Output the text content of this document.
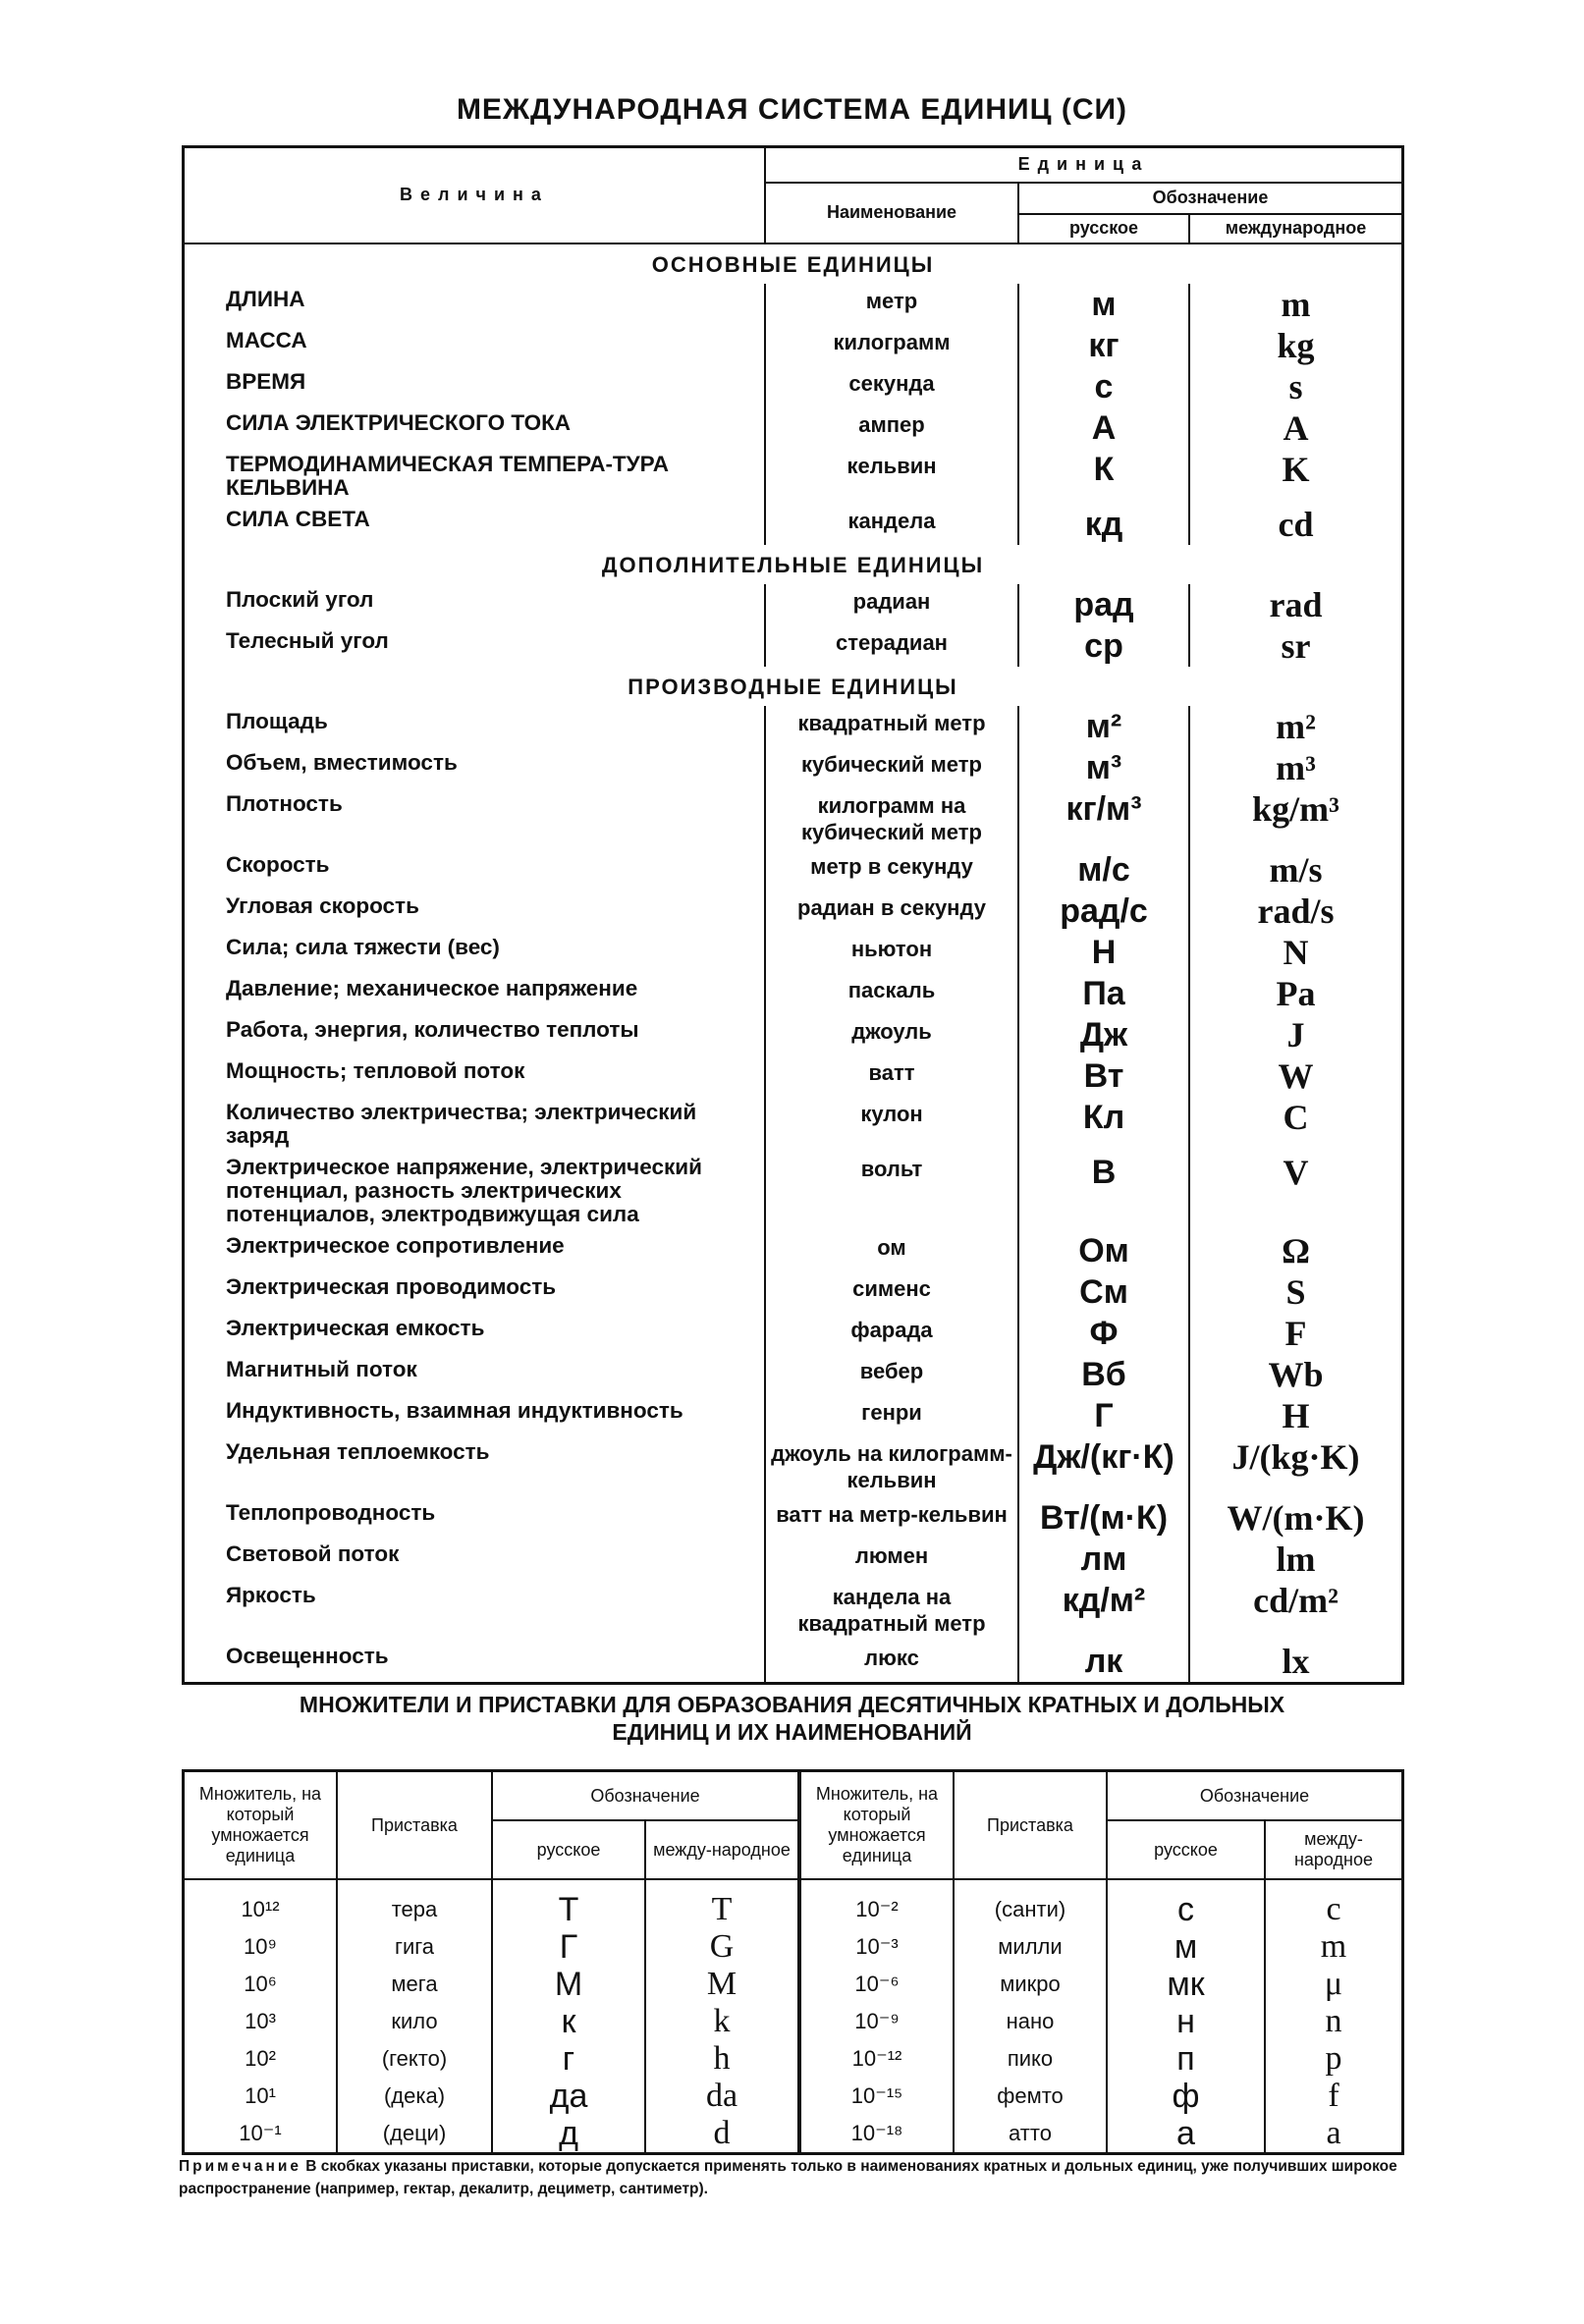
МЕЖДУНАРОДНАЯ СИСТЕМА ЕДИНИЦ (СИ)
Величина	Единица		
	Наименование	Обозначение	
		русское	международное
ОСНОВНЫЕ ЕДИНИЦЫ			
ДЛИНА	метр	м	m
МАССА	килограмм	кг	kg
ВРЕМЯ	секунда	с	s
СИЛА ЭЛЕКТРИЧЕСКОГО ТОКА	ампер	А	A
ТЕРМОДИНАМИЧЕСКАЯ ТЕМПЕРА-ТУРА КЕЛЬВИНА	кельвин	К	K
СИЛА СВЕТА	кандела	кд	cd
ДОПОЛНИТЕЛЬНЫЕ ЕДИНИЦЫ			
Плоский угол	радиан	рад	rad
Телесный угол	стерадиан	ср	sr
ПРОИЗВОДНЫЕ ЕДИНИЦЫ			
Площадь	квадратный метр	м²	m²
Объем, вместимость	кубический метр	м³	m³
Плотность	килограмм на кубический метр	кг/м³	kg/m³
Скорость	метр в секунду	м/с	m/s
Угловая скорость	радиан в секунду	рад/с	rad/s
Сила; сила тяжести (вес)	ньютон	Н	N
Давление; механическое напряжение	паскаль	Па	Pa
Работа, энергия, количество теплоты	джоуль	Дж	J
Мощность; тепловой поток	ватт	Вт	W
Количество электричества; электрический заряд	кулон	Кл	C
Электрическое напряжение, электрический потенциал, разность электрических потенциалов, электродвижущая сила	вольт	В	V
Электрическое сопротивление	ом	Ом	Ω
Электрическая проводимость	сименс	См	S
Электрическая емкость	фарада	Ф	F
Магнитный поток	вебер	Вб	Wb
Индуктивность, взаимная индуктивность	генри	Г	H
Удельная теплоемкость	джоуль на килограмм-кельвин	Дж/(кг·К)	J/(kg·K)
Теплопроводность	ватт на метр-кельвин	Вт/(м·К)	W/(m·K)
Световой поток	люмен	лм	lm
Яркость	кандела на квадратный метр	кд/м²	cd/m²
Освещенность	люкс	лк	lx
МНОЖИТЕЛИ И ПРИСТАВКИ ДЛЯ ОБРАЗОВАНИЯ ДЕСЯТИЧНЫХ КРАТНЫХ И ДОЛЬНЫХ ЕДИНИЦ И ИХ НАИМЕНОВАНИЙ
Множитель, на который умножается единица	Приставка	Обозначение		Множитель, на который умножается единица	Приставка	Обозначение	
		русское	между-народное			русское	между-народное
10¹²	тера	Т	T	10⁻²	(санти)	с	c
10⁹	гига	Г	G	10⁻³	милли	м	m
10⁶	мега	М	M	10⁻⁶	микро	мк	μ
10³	кило	к	k	10⁻⁹	нано	н	n
10²	(гекто)	г	h	10⁻¹²	пико	п	p
10¹	(дека)	да	da	10⁻¹⁵	фемто	ф	f
10⁻¹	(деци)	д	d	10⁻¹⁸	атто	а	a
Примечание В скобках указаны приставки, которые допускается применять только в наименованиях кратных и дольных единиц, уже получивших широкое распространение (например, гектар, декалитр, дециметр, сантиметр).
